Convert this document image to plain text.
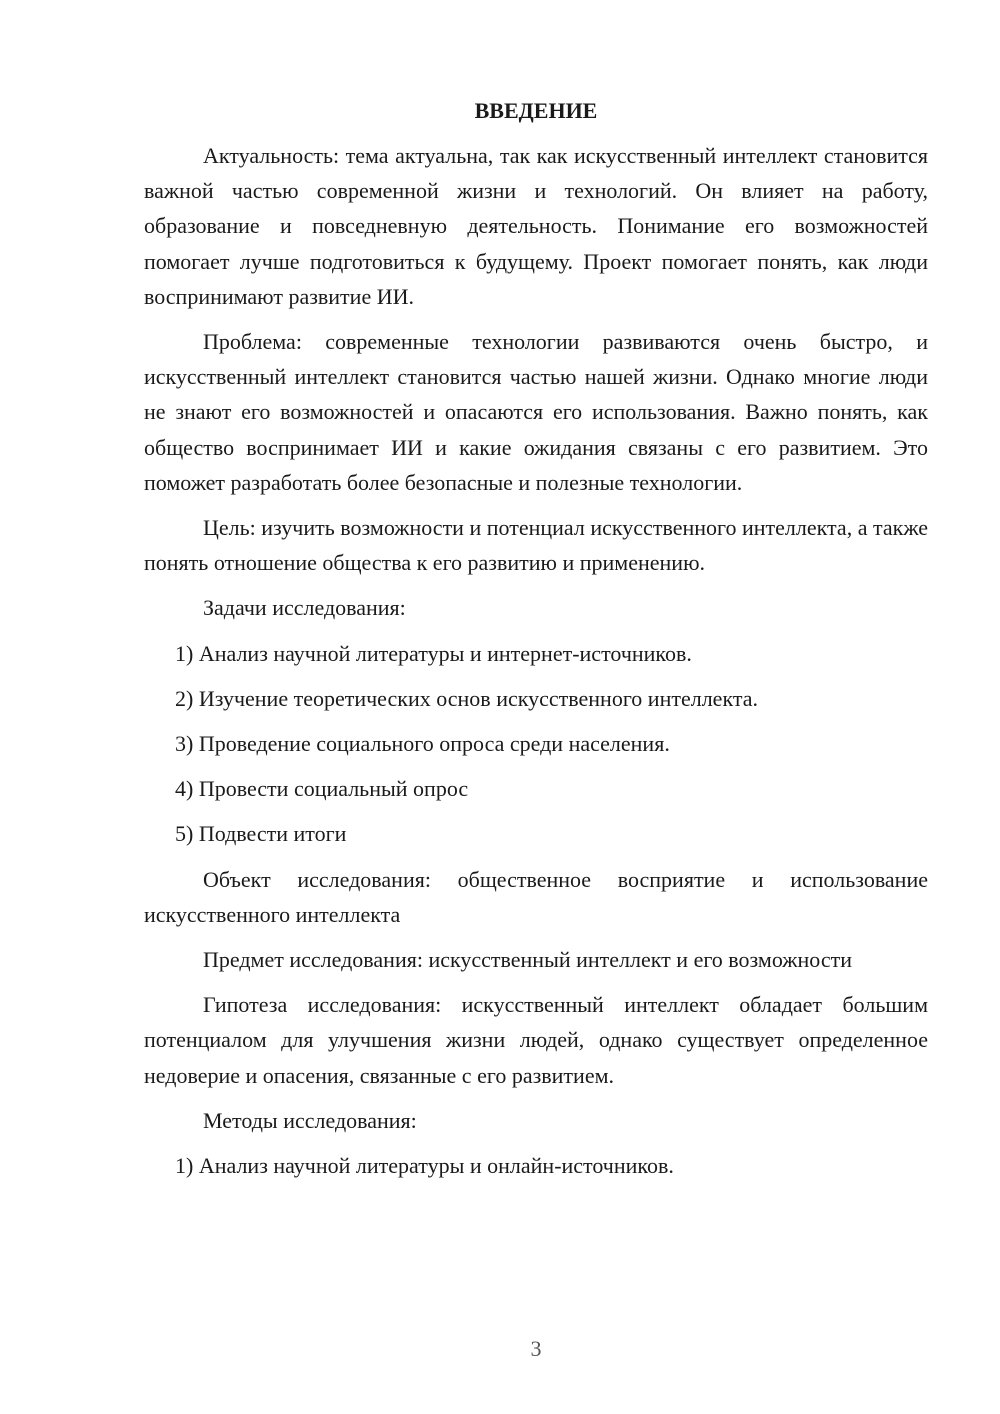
ВВЕДЕНИЕ

Актуальность: тема актуальна, так как искусственный интеллект становится важной частью современной жизни и технологий. Он влияет на работу, образование и повседневную деятельность. Понимание его возможностей помогает лучше подготовиться к будущему. Проект помогает понять, как люди воспринимают развитие ИИ.

Проблема: современные технологии развиваются очень быстро, и искусственный интеллект становится частью нашей жизни. Однако многие люди не знают его возможностей и опасаются его использования. Важно понять, как общество воспринимает ИИ и какие ожидания связаны с его развитием. Это поможет разработать более безопасные и полезные технологии.

Цель: изучить возможности и потенциал искусственного интеллекта, а также понять отношение общества к его развитию и применению.

Задачи исследования:

1) Анализ научной литературы и интернет-источников.
2) Изучение теоретических основ искусственного интеллекта.
3) Проведение социального опроса среди населения.
4) Провести социальный опрос
5) Подвести итоги

Объект исследования: общественное восприятие и использование искусственного интеллекта

Предмет исследования: искусственный интеллект и его возможности

Гипотеза исследования: искусственный интеллект обладает большим потенциалом для улучшения жизни людей, однако существует определенное недоверие и опасения, связанные с его развитием.

Методы исследования:

1) Анализ научной литературы и онлайн-источников.
3
